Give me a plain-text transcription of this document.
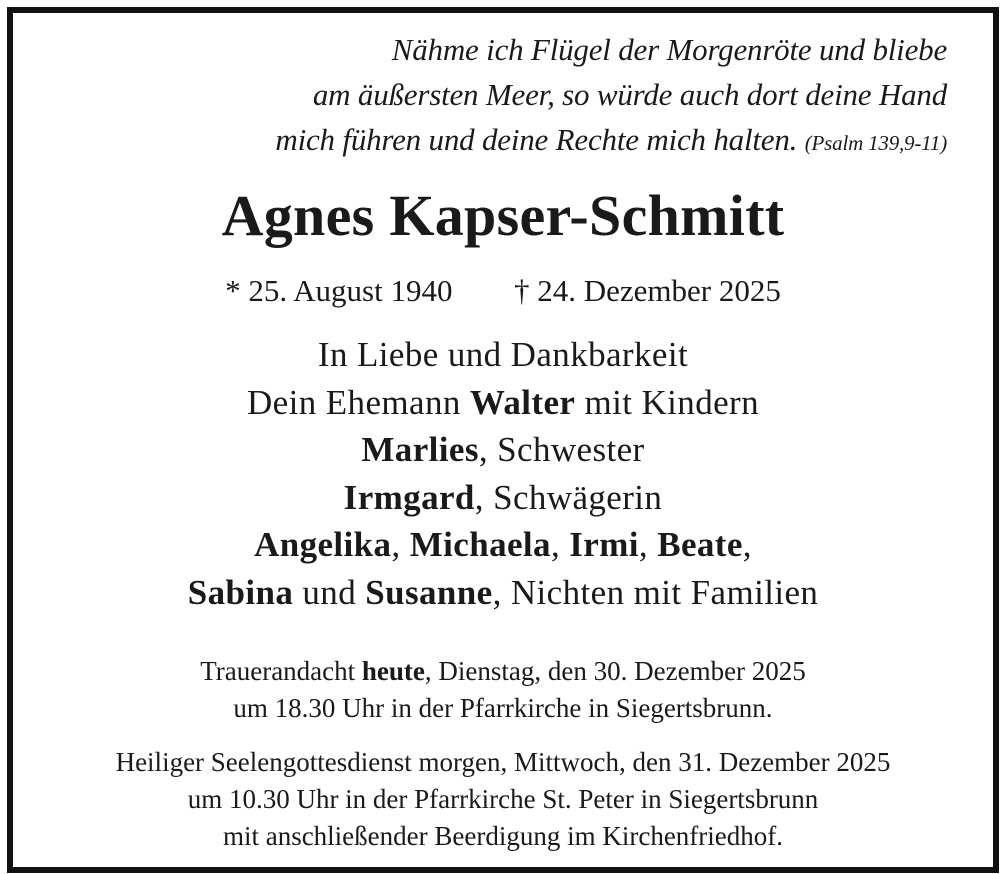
Nähme ich Flügel der Morgenröte und bliebe
am äußersten Meer, so würde auch dort deine Hand
mich führen und deine Rechte mich halten. (Psalm 139,9-11)
Agnes Kapser-Schmitt
* 25. August 1940 † 24. Dezember 2025
In Liebe und Dankbarkeit
Dein Ehemann Walter mit Kindern
Marlies, Schwester
Irmgard, Schwägerin
Angelika, Michaela, Irmi, Beate,
Sabina und Susanne, Nichten mit Familien
Trauerandacht heute, Dienstag, den 30. Dezember 2025
um 18.30 Uhr in der Pfarrkirche in Siegertsbrunn.
Heiliger Seelengottesdienst morgen, Mittwoch, den 31. Dezember 2025
um 10.30 Uhr in der Pfarrkirche St. Peter in Siegertsbrunn
mit anschließender Beerdigung im Kirchenfriedhof.
